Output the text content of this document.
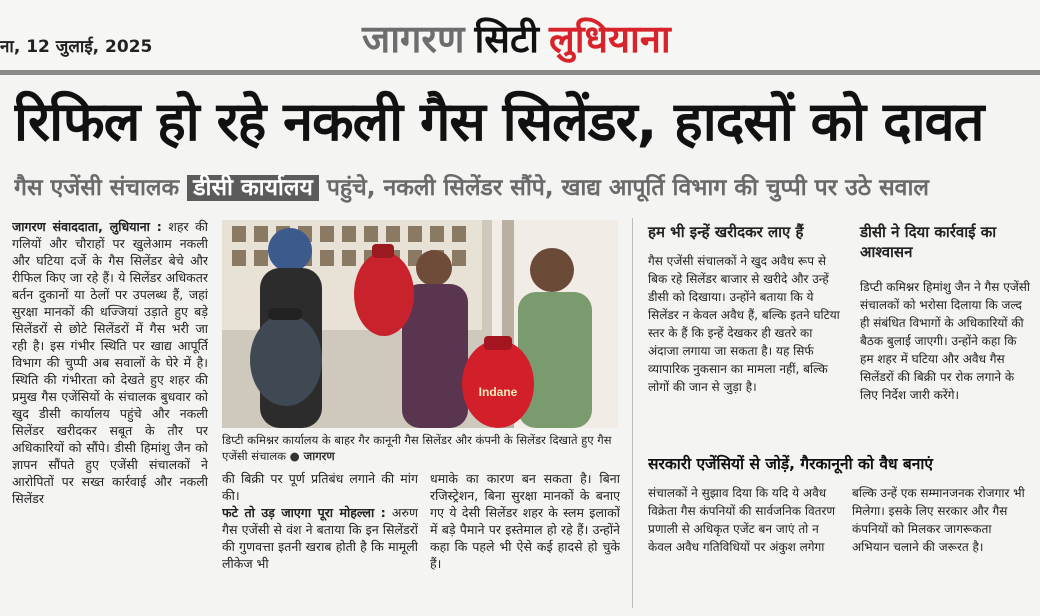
ना, 12 जुलाई, 2025	जागरण सिटी लुधियाना
रिफिल हो रहे नकली गैस सिलेंडर, हादसों को दावत
गैस एजेंसी संचालक डीसी कार्यालय पहुंचे, नकली सिलेंडर सौंपे, खाद्य आपूर्ति विभाग की चुप्पी पर उठे सवाल
जागरण संवाददाता, लुधियाना : शहर की गलियों और चौराहों पर खुलेआम नकली और घटिया दर्जे के गैस सिलेंडर बेचे और रीफिल किए जा रहे हैं। ये सिलेंडर अधिकतर बर्तन दुकानों या ठेलों पर उपलब्ध हैं, जहां सुरक्षा मानकों की धज्जियां उड़ाते हुए बड़े सिलेंडरों से छोटे सिलेंडरों में गैस भरी जा रही है। इस गंभीर स्थिति पर खाद्य आपूर्ति विभाग की चुप्पी अब सवालों के घेरे में है। स्थिति की गंभीरता को देखते हुए शहर की प्रमुख गैस एजेंसियों के संचालक बुधवार को खुद डीसी कार्यालय पहुंचे और नकली सिलेंडर खरीदकर सबूत के तौर पर अधिकारियों को सौंपे। डीसी हिमांशु जैन को ज्ञापन सौंपते हुए एजेंसी संचालकों ने आरोपितों पर सख्त कार्रवाई और नकली सिलेंडर
Indane
डिप्टी कमिश्नर कार्यालय के बाहर गैर कानूनी गैस सिलेंडर और कंपनी के सिलेंडर दिखाते हुए गैस एजेंसी संचालक ● जागरण
की बिक्री पर पूर्ण प्रतिबंध लगाने की मांग की।
फटे तो उड़ जाएगा पूरा मोहल्ला : अरुण गैस एजेंसी से वंश ने बताया कि इन सिलेंडरों की गुणवत्ता इतनी खराब होती है कि मामूली लीकेज भी
धमाके का कारण बन सकता है। बिना रजिस्ट्रेशन, बिना सुरक्षा मानकों के बनाए गए ये देसी सिलेंडर शहर के स्लम इलाकों में बड़े पैमाने पर इस्तेमाल हो रहे हैं। उन्होंने कहा कि पहले भी ऐसे कई हादसे हो चुके हैं।
हम भी इन्हें खरीदकर लाए हैं
गैस एजेंसी संचालकों ने खुद अवैध रूप से बिक रहे सिलेंडर बाजार से खरीदे और उन्हें डीसी को दिखाया। उन्होंने बताया कि ये सिलेंडर न केवल अवैध हैं, बल्कि इतने घटिया स्तर के हैं कि इन्हें देखकर ही खतरे का अंदाजा लगाया जा सकता है। यह सिर्फ व्यापारिक नुकसान का मामला नहीं, बल्कि लोगों की जान से जुड़ा है।
डीसी ने दिया कार्रवाई का आश्वासन
डिप्टी कमिश्नर हिमांशु जैन ने गैस एजेंसी संचालकों को भरोसा दिलाया कि जल्द ही संबंधित विभागों के अधिकारियों की बैठक बुलाई जाएगी। उन्होंने कहा कि हम शहर में घटिया और अवैध गैस सिलेंडरों की बिक्री पर रोक लगाने के लिए निर्देश जारी करेंगे।
सरकारी एजेंसियों से जोड़ें, गैरकानूनी को वैध बनाएं
संचालकों ने सुझाव दिया कि यदि ये अवैध विक्रेता गैस कंपनियों की सार्वजनिक वितरण प्रणाली से अधिकृत एजेंट बन जाएं तो न केवल अवैध गतिविधियों पर अंकुश लगेगा
बल्कि उन्हें एक सम्मानजनक रोजगार भी मिलेगा। इसके लिए सरकार और गैस कंपनियों को मिलकर जागरूकता अभियान चलाने की जरूरत है।
